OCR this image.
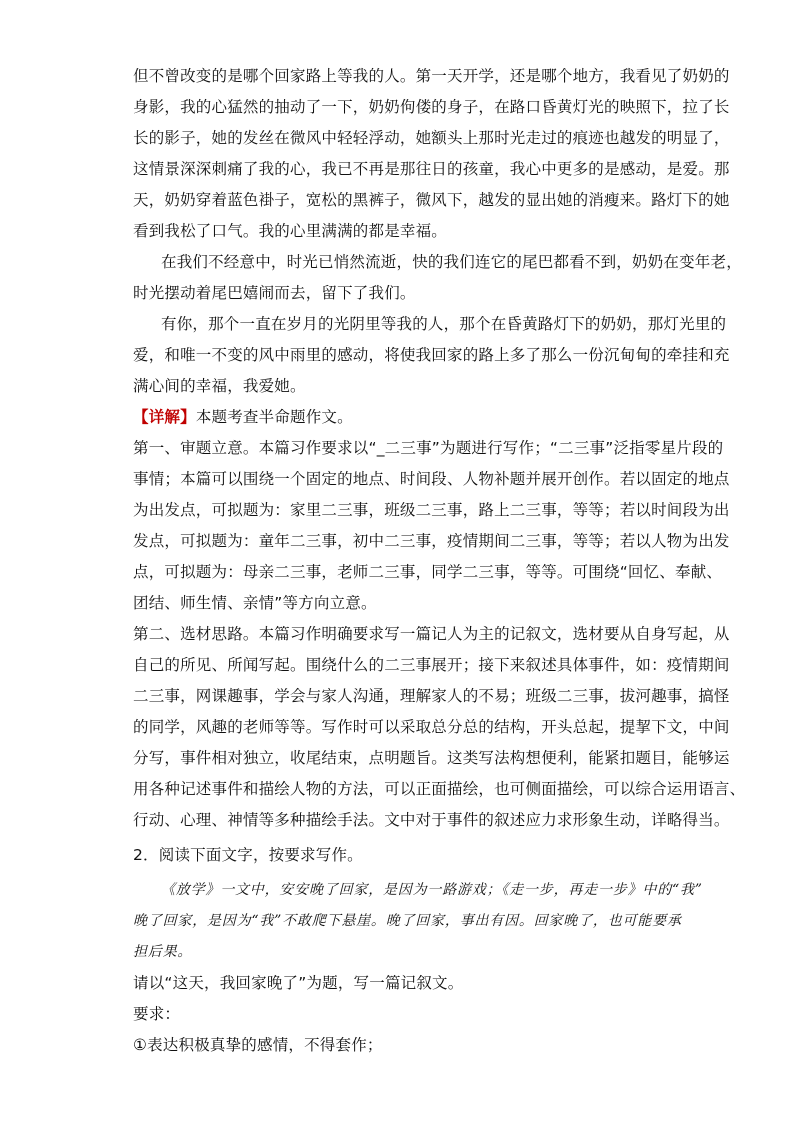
但不曾改变的是哪个回家路上等我的人。第一天开学，还是哪个地方，我看见了奶奶的
身影，我的心猛然的抽动了一下，奶奶佝偻的身子，在路口昏黄灯光的映照下，拉了长
长的影子，她的发丝在微风中轻轻浮动，她额头上那时光走过的痕迹也越发的明显了，
这情景深深刺痛了我的心，我已不再是那往日的孩童，我心中更多的是感动，是爱。那
天，奶奶穿着蓝色褂子，宽松的黑裤子，微风下，越发的显出她的消瘦来。路灯下的她
看到我松了口气。我的心里满满的都是幸福。
在我们不经意中，时光已悄然流逝，快的我们连它的尾巴都看不到，奶奶在变年老，
时光摆动着尾巴嬉闹而去，留下了我们。
有你，那个一直在岁月的光阴里等我的人，那个在昏黄路灯下的奶奶，那灯光里的
爱，和唯一不变的风中雨里的感动，将使我回家的路上多了那么一份沉甸甸的牵挂和充
满心间的幸福，我爱她。
【详解】本题考查半命题作文。
第一、审题立意。本篇习作要求以“_二三事”为题进行写作；“二三事”泛指零星片段的
事情；本篇可以围绕一个固定的地点、时间段、人物补题并展开创作。若以固定的地点
为出发点，可拟题为：家里二三事，班级二三事，路上二三事，等等；若以时间段为出
发点，可拟题为：童年二三事，初中二三事，疫情期间二三事，等等；若以人物为出发
点，可拟题为：母亲二三事，老师二三事，同学二三事，等等。可围绕“回忆、奉献、
团结、师生情、亲情”等方向立意。
第二、选材思路。本篇习作明确要求写一篇记人为主的记叙文，选材要从自身写起，从
自己的所见、所闻写起。围绕什么的二三事展开；接下来叙述具体事件，如：疫情期间
二三事，网课趣事，学会与家人沟通，理解家人的不易；班级二三事，拔河趣事，搞怪
的同学，风趣的老师等等。写作时可以采取总分总的结构，开头总起，提挈下文，中间
分写，事件相对独立，收尾结束，点明题旨。这类写法构想便利，能紧扣题目，能够运
用各种记述事件和描绘人物的方法，可以正面描绘，也可侧面描绘，可以综合运用语言、
行动、心理、神情等多种描绘手法。文中对于事件的叙述应力求形象生动，详略得当。
2．阅读下面文字，按要求写作。
《放学》一文中，安安晚了回家，是因为一路游戏；《走一步，再走一步》中的“我”
晚了回家，是因为“我”不敢爬下悬崖。晚了回家，事出有因。回家晚了，也可能要承
担后果。
请以“这天，我回家晚了”为题，写一篇记叙文。
要求：
①表达积极真挚的感情，不得套作；
